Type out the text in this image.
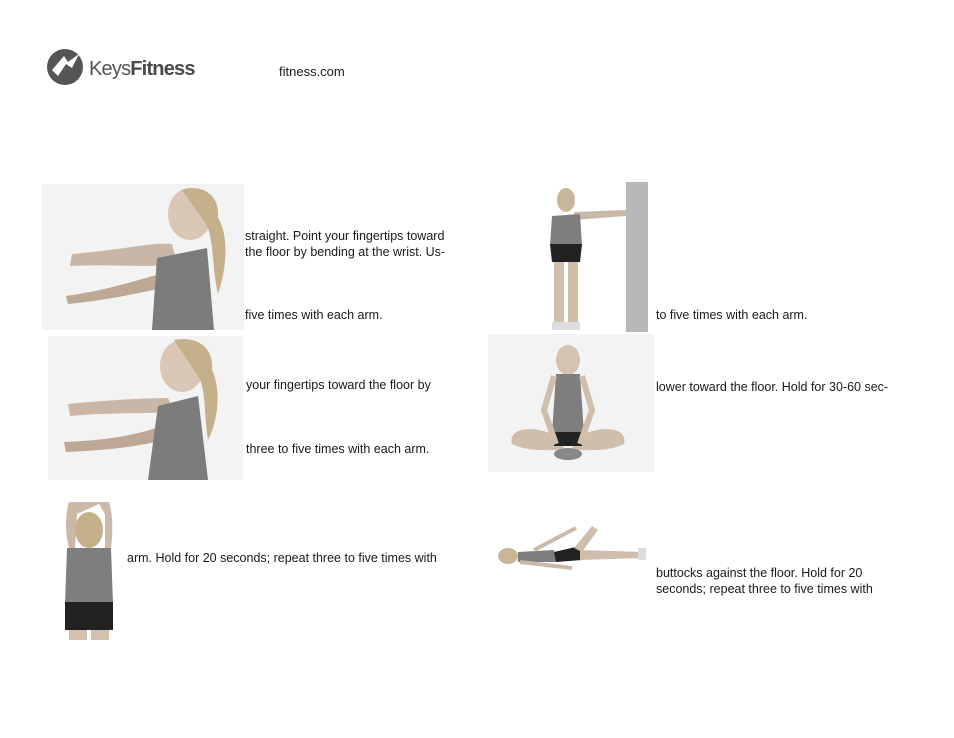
KeysFitness	fitness.com
straight. Point your fingertips toward
the floor by bending at the wrist. Us-
five times with each arm.
your fingertips toward the floor by
three to five times with each arm.
arm. Hold for 20 seconds; repeat three to five times with
to five times with each arm.
lower toward the floor. Hold for 30-60 sec-
buttocks against the floor. Hold for 20
seconds; repeat three to five times with
